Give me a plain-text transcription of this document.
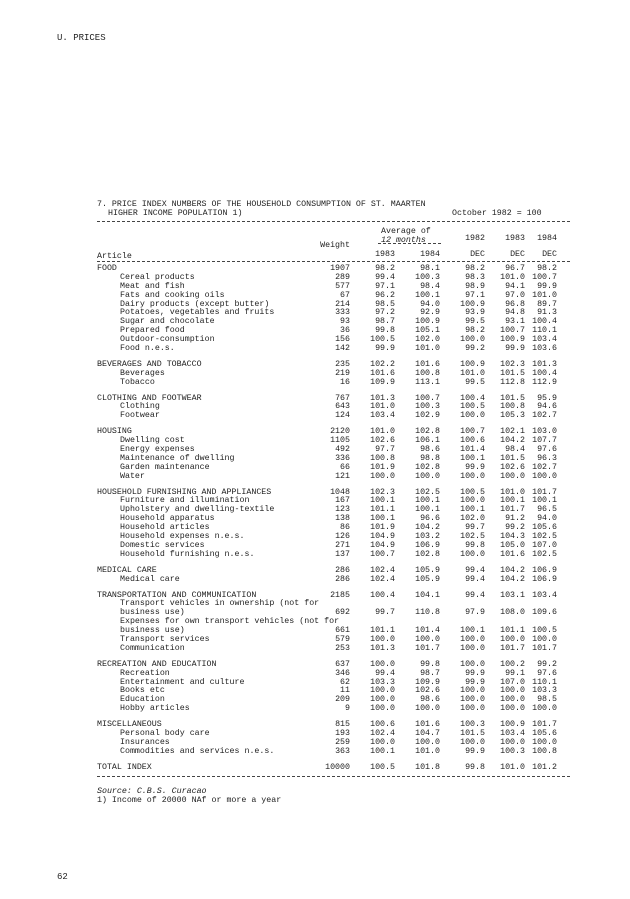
U. PRICES
7. PRICE INDEX NUMBERS OF THE HOUSEHOLD CONSUMPTION OF ST. MAARTEN
HIGHER INCOME POPULATION 1)	October 1982 = 100
Average of
12 months
Weight
1982	1983	1984
Article	1983	1984	DEC	DEC	DEC
FOOD	1907	98.2	98.1	98.2	96.7	98.2
Cereal products	289	99.4	100.3	98.3	101.0 100.7
Meat and fish	577	97.1	98.4	98.9	94.1	99.9
Fats and cooking oils	67	96.2	100.1	97.1	97.0 101.0
Dairy products (except butter)	214	98.5	94.0	100.9	96.8	89.7
Potatoes, vegetables and fruits	333	97.2	92.9	93.9	94.8	91.3
Sugar and chocolate	93	98.7	100.9	99.5	93.1 100.4
Prepared food	36	99.8	105.1	98.2	100.7 110.1
Outdoor-consumption	156	100.5	102.0	100.0	100.9 103.4
Food n.e.s.	142	99.9	101.0	99.2	99.9 103.6
BEVERAGES AND TOBACCO	235	102.2	101.6	100.9	102.3 101.3
Beverages	219	101.6	100.8	101.0	101.5 100.4
Tobacco	16	109.9	113.1	99.5	112.8 112.9
CLOTHING AND FOOTWEAR	767	101.3	100.7	100.4	101.5	95.9
Clothing	643	101.0	100.3	100.5	100.8	94.6
Footwear	124	103.4	102.9	100.0	105.3 102.7
HOUSING	2120	101.0	102.8	100.7	102.1 103.0
Dwelling cost	1105	102.6	106.1	100.6	104.2 107.7
Energy expenses	492	97.7	98.6	101.4	98.4	97.6
Maintenance of dwelling	336	100.8	98.8	100.1	101.5	96.3
Garden maintenance	66	101.9	102.8	99.9	102.6 102.7
Water	121	100.0	100.0	100.0	100.0 100.0
HOUSEHOLD FURNISHING AND APPLIANCES	1048	102.3	102.5	100.5	101.0 101.7
Furniture and illumination	167	100.1	100.1	100.0	100.1 100.1
Upholstery and dwelling-textile	123	101.1	100.1	100.1	101.7	96.5
Household apparatus	138	100.1	96.6	102.0	91.2	94.0
Household articles	86	101.9	104.2	99.7	99.2 105.6
Household expenses n.e.s.	126	104.9	103.2	102.5	104.3 102.5
Domestic services	271	104.9	106.9	99.8	105.0 107.0
Household furnishing n.e.s.	137	100.7	102.8	100.0	101.6 102.5
MEDICAL CARE	286	102.4	105.9	99.4	104.2 106.9
Medical care	286	102.4	105.9	99.4	104.2 106.9
TRANSPORTATION AND COMMUNICATION	2185	100.4	104.1	99.4	103.1 103.4
Transport vehicles in ownership (not for
business use)	692	99.7	110.8	97.9	108.0 109.6
Expenses for own transport vehicles (not for
business use)	661	101.1	101.4	100.1	101.1 100.5
Transport services	579	100.0	100.0	100.0	100.0 100.0
Communication	253	101.3	101.7	100.0	101.7 101.7
RECREATION AND EDUCATION	637	100.0	99.8	100.0	100.2	99.2
Recreation	346	99.4	98.7	99.9	99.1	97.6
Entertainment and culture	62	103.3	109.9	99.9	107.0 110.1
Books etc	11	100.0	102.6	100.0	100.0 103.3
Education	209	100.0	98.6	100.0	100.0	98.5
Hobby articles	9	100.0	100.0	100.0	100.0 100.0
MISCELLANEOUS	815	100.6	101.6	100.3	100.9 101.7
Personal body care	193	102.4	104.7	101.5	103.4 105.6
Insurances	259	100.0	100.0	100.0	100.0 100.0
Commodities and services n.e.s.	363	100.1	101.0	99.9	100.3 100.8
TOTAL INDEX	10000	100.5	101.8	99.8	101.0 101.2
Source: C.B.S. Curacao
1) Income of 20000 NAf or more a year
62
